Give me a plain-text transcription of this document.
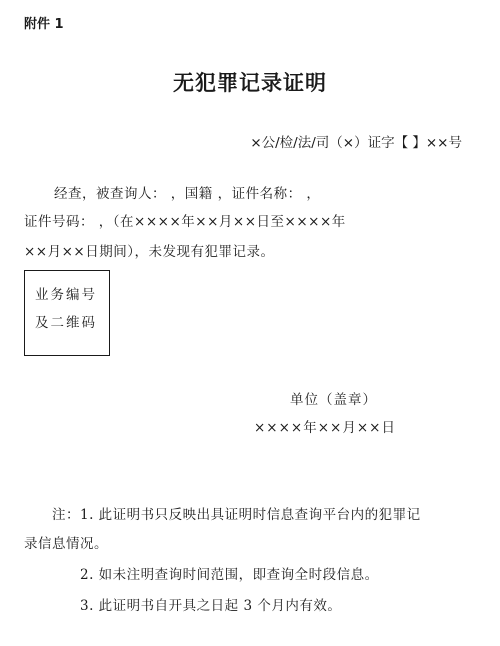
附件 1
无犯罪记录证明
×公/检/法/司（×）证字【 】××号
经查，被查询人： ，国籍 ，证件名称： ，
证件号码： ，（在××××年××月××日至××××年
××月××日期间），未发现有犯罪记录。
业务编号
及二维码
单位（盖章）
××××年××月××日
注：1. 此证明书只反映出具证明时信息查询平台内的犯罪记
录信息情况。
2. 如未注明查询时间范围，即查询全时段信息。
3. 此证明书自开具之日起 3 个月内有效。
